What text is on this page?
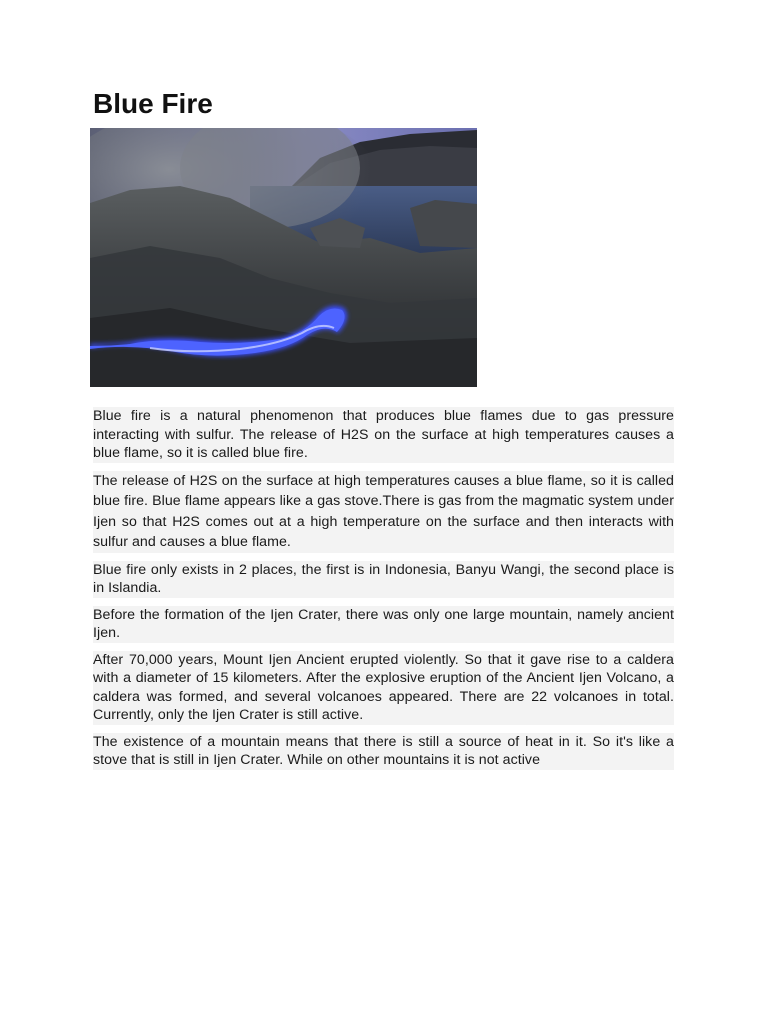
Blue Fire

Blue fire is a natural phenomenon that produces blue flames due to gas pressure interacting with sulfur. The release of H2S on the surface at high temperatures causes a blue flame, so it is called blue fire.

The release of H2S on the surface at high temperatures causes a blue flame, so it is called blue fire. Blue flame appears like a gas stove.There is gas from the magmatic system under Ijen so that H2S comes out at a high temperature on the surface and then interacts with sulfur and causes a blue flame.

Blue fire only exists in 2 places, the first is in Indonesia, Banyu Wangi, the second place is in Islandia.

Before the formation of the Ijen Crater, there was only one large mountain, namely ancient Ijen.

After 70,000 years, Mount Ijen Ancient erupted violently. So that it gave rise to a caldera with a diameter of 15 kilometers. After the explosive eruption of the Ancient Ijen Volcano, a caldera was formed, and several volcanoes appeared. There are 22 volcanoes in total. Currently, only the Ijen Crater is still active.

The existence of a mountain means that there is still a source of heat in it. So it's like a stove that is still in Ijen Crater. While on other mountains it is not active
